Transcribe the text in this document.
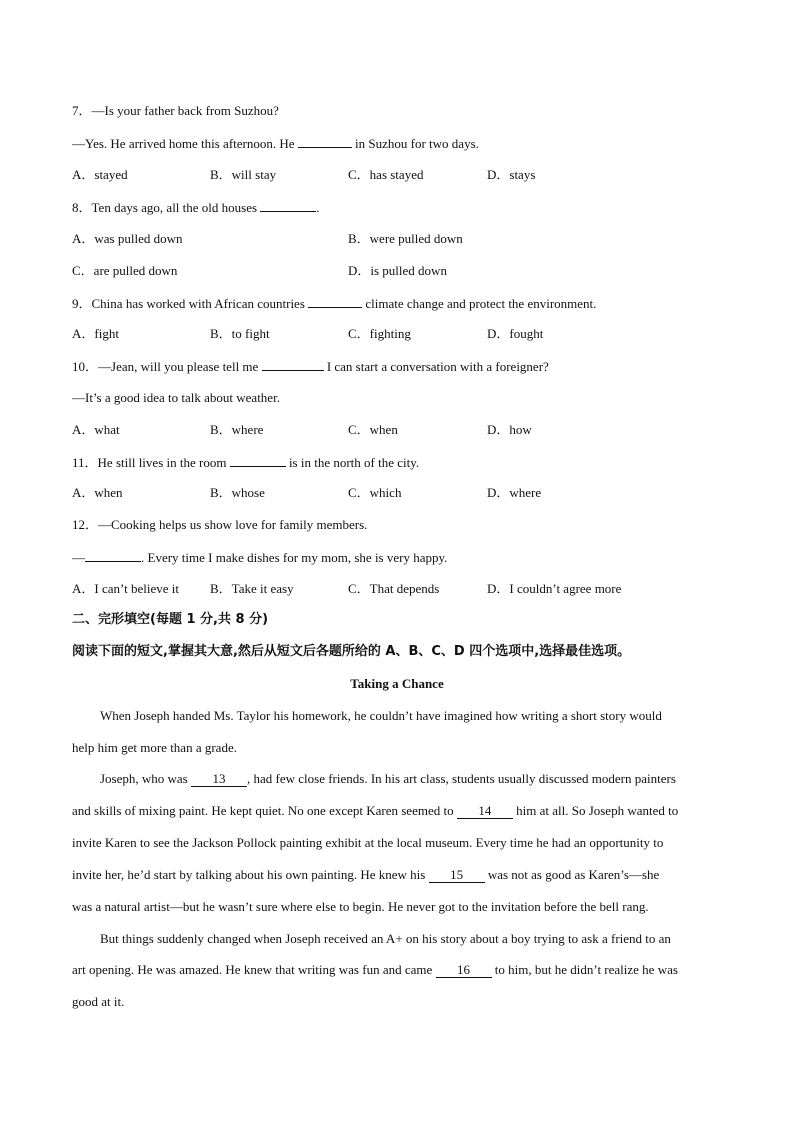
7．—Is your father back from Suzhou?
—Yes. He arrived home this afternoon. He	in Suzhou for two days.
A．stayed	B．will stay	C．has stayed	D．stays
8．Ten days ago, all the old houses	.
A．was pulled down	B．were pulled down
C．are pulled down	D．is pulled down
9．China has worked with African countries	climate change and protect the environment.
A．fight	B．to fight	C．fighting	D．fought
10．—Jean, will you please tell me	I can start a conversation with a foreigner?
—It’s a good idea to talk about weather.
A．what	B．where	C．when	D．how
11．He still lives in the room	is in the north of the city.
A．when	B．whose	C．which	D．where
12．—Cooking helps us show love for family members.
—	. Every time I make dishes for my mom, she is very happy.
A．I can’t believe it B．Take it easy	C．That depends	D．I couldn’t agree more
二、完形填空(每题 1 分,共 8 分)
阅读下面的短文,掌握其大意,然后从短文后各题所给的 A、B、C、D 四个选项中,选择最佳选项。
Taking a Chance
When Joseph handed Ms. Taylor his homework, he couldn’t have imagined how writing a short story would
help him get more than a grade.
Joseph, who was 13 , had few close friends. In his art class, students usually discussed modern painters
and skills of mixing paint. He kept quiet. No one except Karen seemed to 14 him at all. So Joseph wanted to
invite Karen to see the Jackson Pollock painting exhibit at the local museum. Every time he had an opportunity to
invite her, he’d start by talking about his own painting. He knew his 15 was not as good as Karen’s—she
was a natural artist—but he wasn’t sure where else to begin. He never got to the invitation before the bell rang.
But things suddenly changed when Joseph received an A+ on his story about a boy trying to ask a friend to an
art opening. He was amazed. He knew that writing was fun and came 16 to him, but he didn’t realize he was
good at it.
